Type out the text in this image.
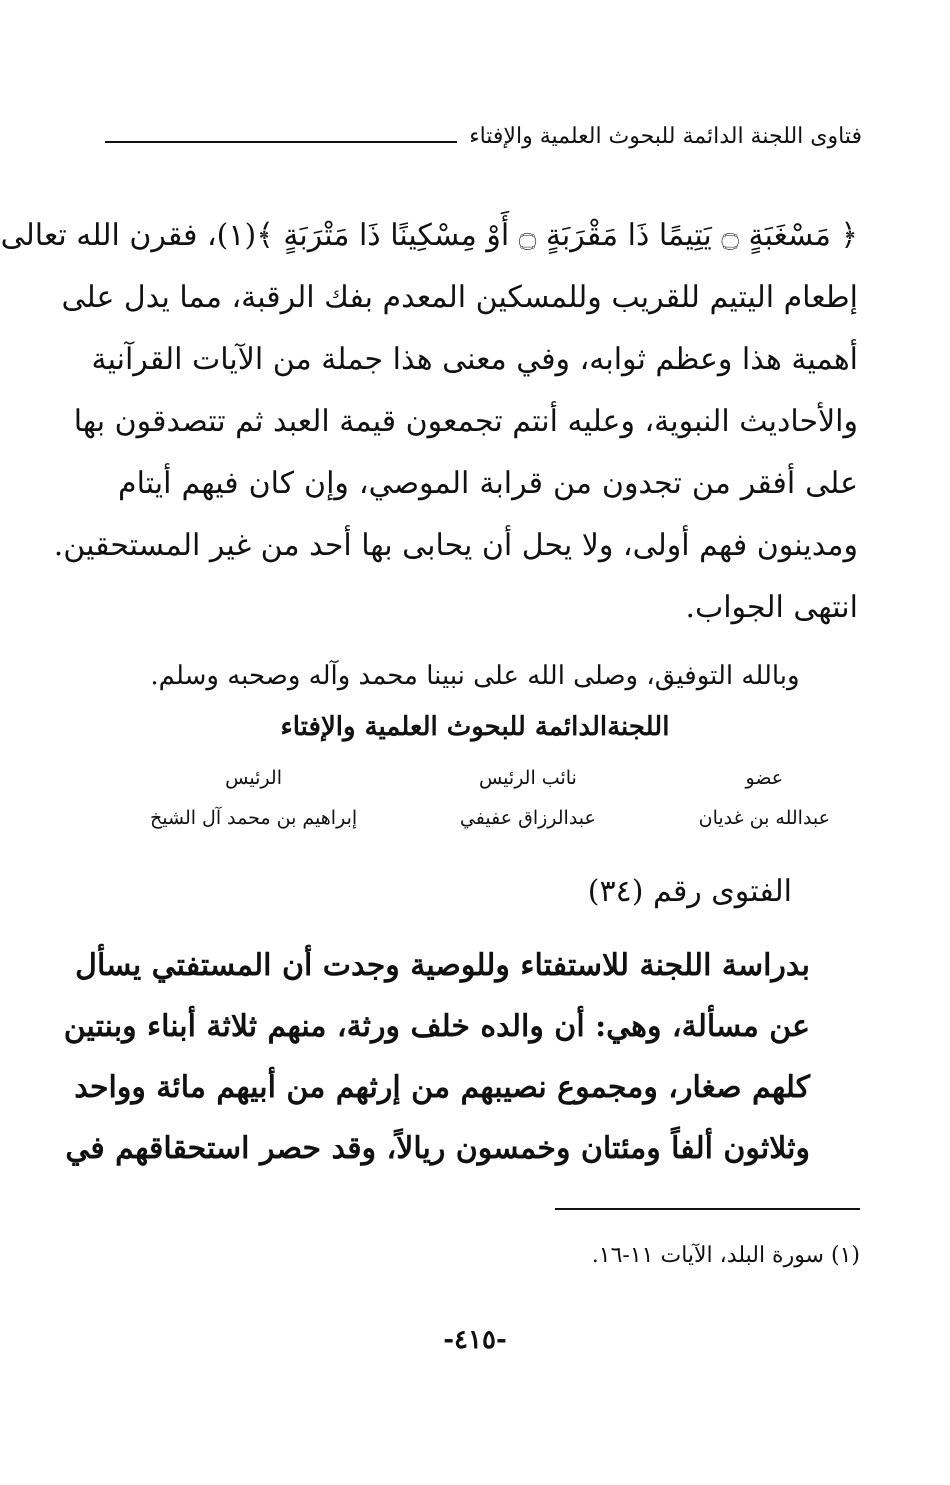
فتاوى اللجنة الدائمة للبحوث العلمية والإفتاء
﴿ مَسْغَبَةٍ ۝ يَتِيمًا ذَا مَقْرَبَةٍ ۝ أَوْ مِسْكِينًا ذَا مَتْرَبَةٍ ﴾(١)، فقرن الله تعالى
إطعام اليتيم للقريب وللمسكين المعدم بفك الرقبة، مما يدل على
أهمية هذا وعظم ثوابه، وفي معنى هذا جملة من الآيات القرآنية
والأحاديث النبوية، وعليه أنتم تجمعون قيمة العبد ثم تتصدقون بها
على أفقر من تجدون من قرابة الموصي، وإن كان فيهم أيتام
ومدينون فهم أولى، ولا يحل أن يحابى بها أحد من غير المستحقين.
انتهى الجواب.
وبالله التوفيق، وصلى الله على نبينا محمد وآله وصحبه وسلم.
اللجنةالدائمة للبحوث العلمية والإفتاء
عضو
عبدالله بن غديان
نائب الرئيس
عبدالرزاق عفيفي
الرئيس
إبراهيم بن محمد آل الشيخ
الفتوى رقم (٣٤)
بدراسة اللجنة للاستفتاء وللوصية وجدت أن المستفتي يسأل
عن مسألة، وهي: أن والده خلف ورثة، منهم ثلاثة أبناء وبنتين
كلهم صغار، ومجموع نصيبهم من إرثهم من أبيهم مائة وواحد
وثلاثون ألفاً ومئتان وخمسون ريالاً، وقد حصر استحقاقهم في
(١) سورة البلد، الآيات ١١-١٦.
-٤١٥-
